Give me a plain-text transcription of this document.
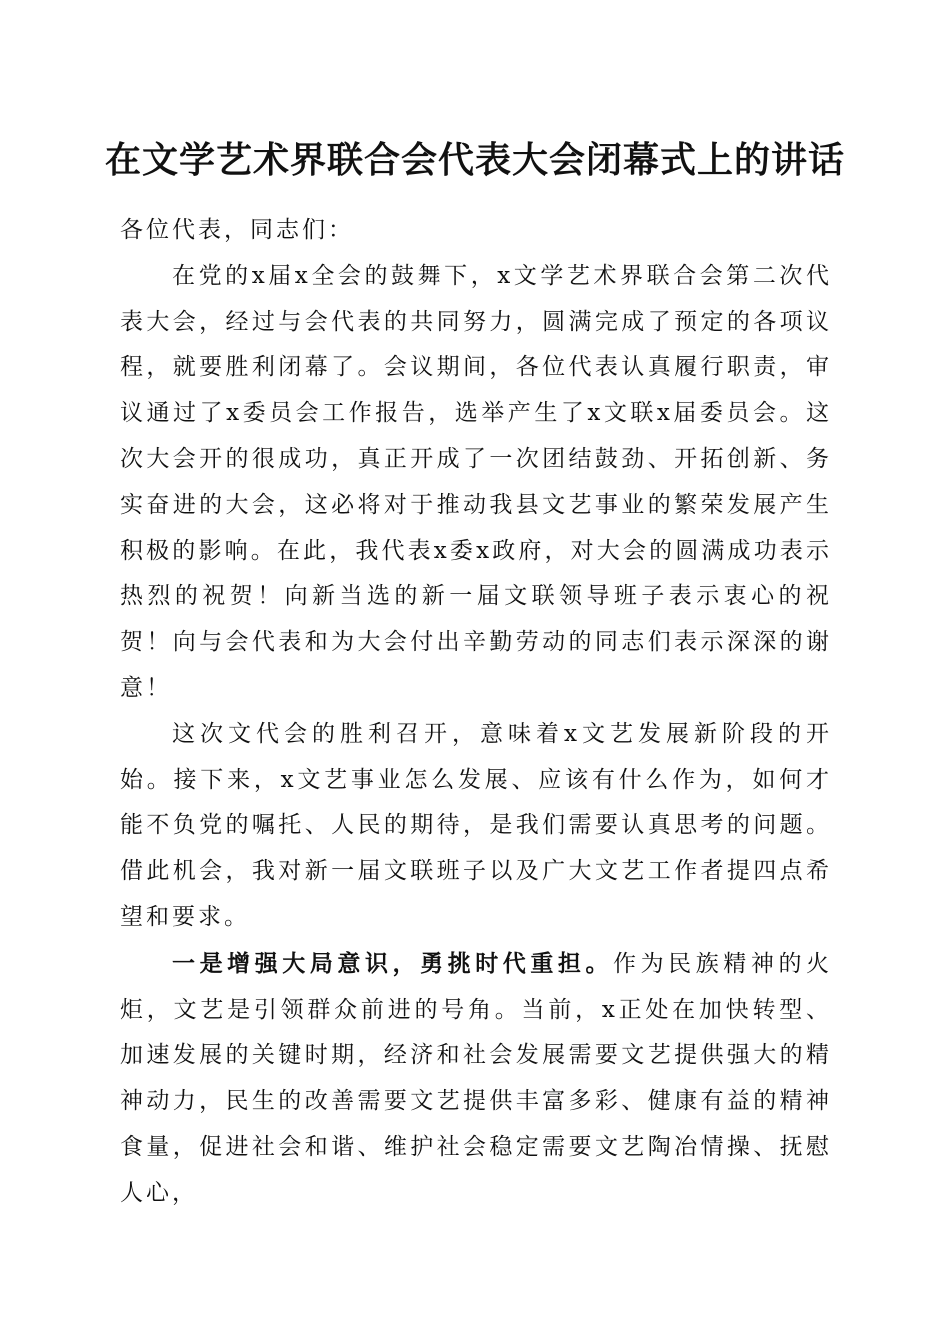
在文学艺术界联合会代表大会闭幕式上的讲话

各位代表，同志们：

在党的x届x全会的鼓舞下，x文学艺术界联合会第二次代表大会，经过与会代表的共同努力，圆满完成了预定的各项议程，就要胜利闭幕了。会议期间，各位代表认真履行职责，审议通过了x委员会工作报告，选举产生了x文联x届委员会。这次大会开的很成功，真正开成了一次团结鼓劲、开拓创新、务实奋进的大会，这必将对于推动我县文艺事业的繁荣发展产生积极的影响。在此，我代表x委x政府，对大会的圆满成功表示热烈的祝贺！向新当选的新一届文联领导班子表示衷心的祝贺！向与会代表和为大会付出辛勤劳动的同志们表示深深的谢意！

这次文代会的胜利召开，意味着x文艺发展新阶段的开始。接下来，x文艺事业怎么发展、应该有什么作为，如何才能不负党的嘱托、人民的期待，是我们需要认真思考的问题。借此机会，我对新一届文联班子以及广大文艺工作者提四点希望和要求。

一是增强大局意识，勇挑时代重担。作为民族精神的火炬，文艺是引领群众前进的号角。当前，x正处在加快转型、加速发展的关键时期，经济和社会发展需要文艺提供强大的精神动力，民生的改善需要文艺提供丰富多彩、健康有益的精神食量，促进社会和谐、维护社会稳定需要文艺陶冶情操、抚慰人心，
